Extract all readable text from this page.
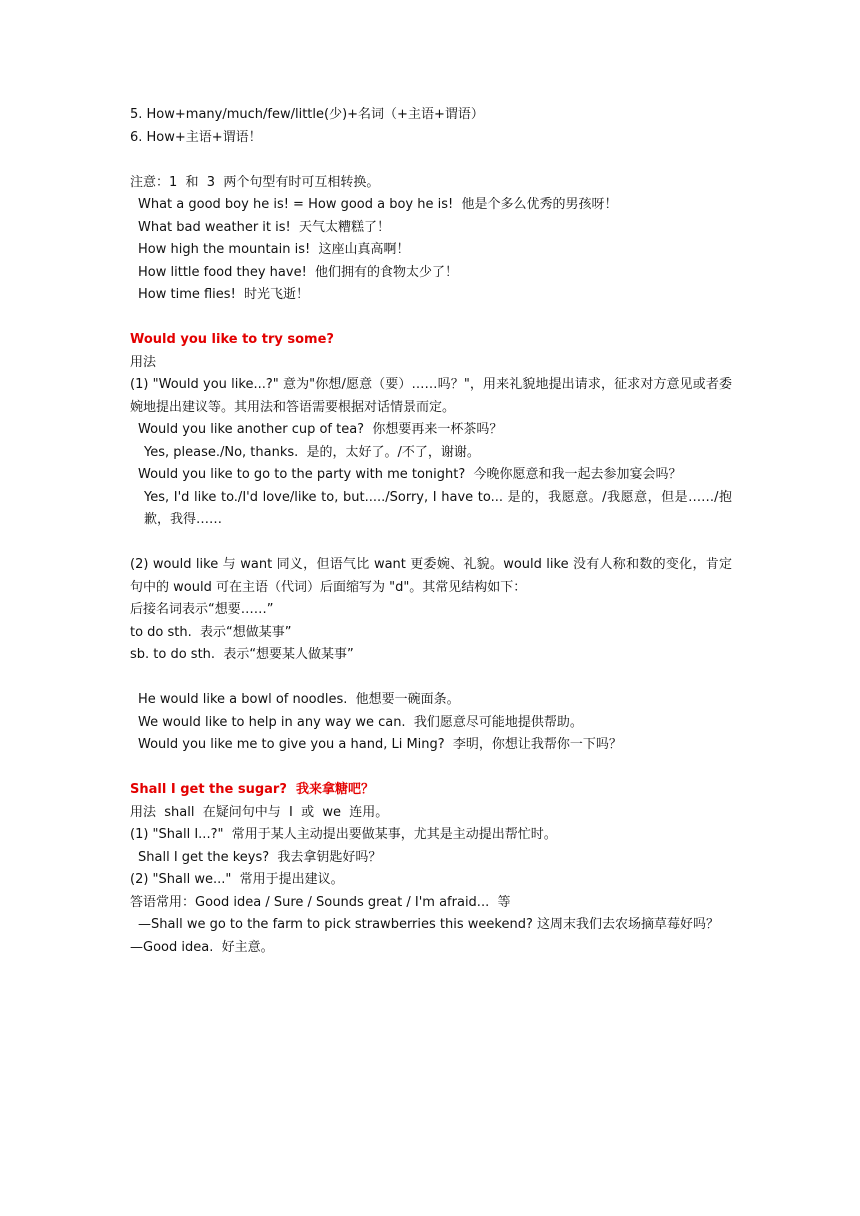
5. How+many/much/few/little(少)+名词（+主语+谓语）
6. How+主语+谓语！
注意：1  和  3  两个句型有时可互相转换。
What a good boy he is! = How good a boy he is!  他是个多么优秀的男孩呀！
What bad weather it is!  天气太糟糕了！
How high the mountain is!  这座山真高啊！
How little food they have!  他们拥有的食物太少了！
How time flies!  时光飞逝！
Would you like to try some?
用法
(1) "Would you like...?" 意为"你想/愿意（要）……吗？"，用来礼貌地提出请求，征求对方意见或者委婉地提出建议等。其用法和答语需要根据对话情景而定。
Would you like another cup of tea?  你想要再来一杯茶吗？
Yes, please./No, thanks.  是的，太好了。/不了，谢谢。
Would you like to go to the party with me tonight?  今晚你愿意和我一起去参加宴会吗？
Yes, I'd like to./I'd love/like to, but...../Sorry, I have to... 是的，我愿意。/我愿意，但是……/抱歉，我得……
(2) would like 与 want 同义，但语气比 want 更委婉、礼貌。would like 没有人称和数的变化，肯定句中的 would 可在主语（代词）后面缩写为 "d"。其常见结构如下：
后接名词表示“想要……”
to do sth.  表示“想做某事”
sb. to do sth.  表示“想要某人做某事”
He would like a bowl of noodles.  他想要一碗面条。
We would like to help in any way we can.  我们愿意尽可能地提供帮助。
Would you like me to give you a hand, Li Ming?  李明，你想让我帮你一下吗？
Shall I get the sugar?  我来拿糖吧？
用法  shall  在疑问句中与  I  或  we  连用。
(1) "Shall I...?"  常用于某人主动提出要做某事，尤其是主动提出帮忙时。
Shall I get the keys?  我去拿钥匙好吗？
(2) "Shall we..."  常用于提出建议。
答语常用：Good idea / Sure / Sounds great / I'm afraid...  等
—Shall we go to the farm to pick strawberries this weekend? 这周末我们去农场摘草莓好吗？
—Good idea.  好主意。
